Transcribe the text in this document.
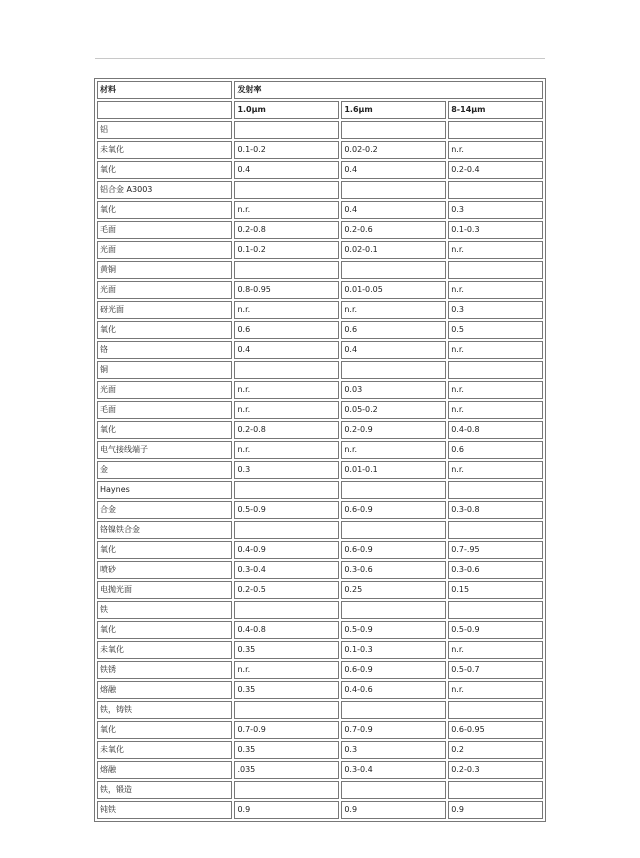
材料	发射率		
	1.0μm	1.6μm	8-14μm
铝			
未氧化	0.1-0.2	0.02-0.2	n.r.
氧化	0.4	0.4	0.2-0.4
铝合金 A3003			
氧化	n.r.	0.4	0.3
毛面	0.2-0.8	0.2-0.6	0.1-0.3
光面	0.1-0.2	0.02-0.1	n.r.
黄铜			
光面	0.8-0.95	0.01-0.05	n.r.
砑光面	n.r.	n.r.	0.3
氧化	0.6	0.6	0.5
铬	0.4	0.4	n.r.
铜			
光面	n.r.	0.03	n.r.
毛面	n.r.	0.05-0.2	n.r.
氧化	0.2-0.8	0.2-0.9	0.4-0.8
电气接线端子	n.r.	n.r.	0.6
金	0.3	0.01-0.1	n.r.
Haynes			
合金	0.5-0.9	0.6-0.9	0.3-0.8
铬镍铁合金			
氧化	0.4-0.9	0.6-0.9	0.7-.95
喷砂	0.3-0.4	0.3-0.6	0.3-0.6
电抛光面	0.2-0.5	0.25	0.15
铁			
氧化	0.4-0.8	0.5-0.9	0.5-0.9
未氧化	0.35	0.1-0.3	n.r.
铁锈	n.r.	0.6-0.9	0.5-0.7
熔融	0.35	0.4-0.6	n.r.
铁，铸铁			
氧化	0.7-0.9	0.7-0.9	0.6-0.95
未氧化	0.35	0.3	0.2
熔融	.035	0.3-0.4	0.2-0.3
铁，锻造			
钝铁	0.9	0.9	0.9
